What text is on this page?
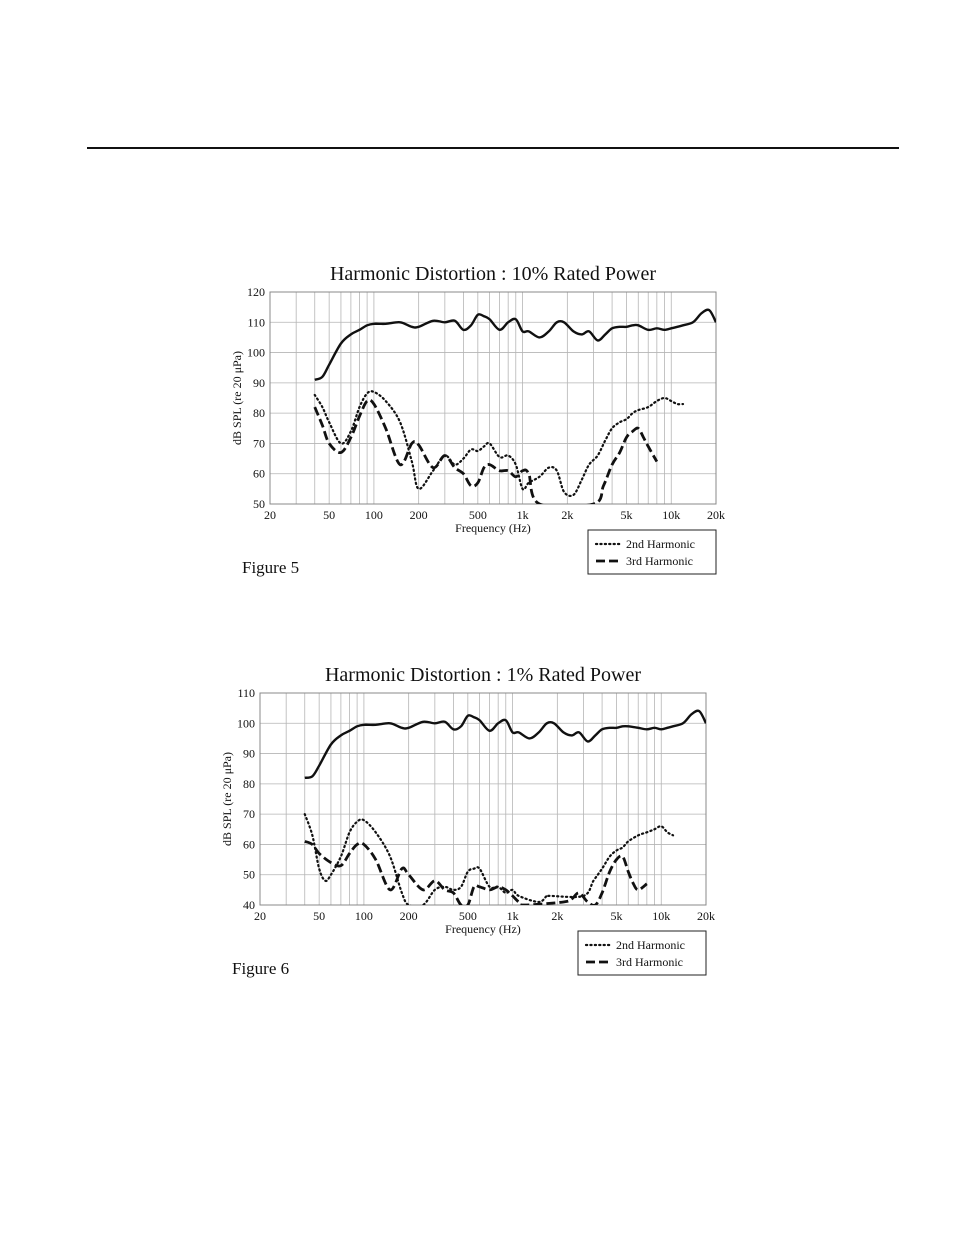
Harmonic Distortion : 10% Rated Power
50
60
70
80
90
100
110
120
20	50 100 200	500 1k	2k	5k 10k 20k
Frequency (Hz)
dB SPL (re 20 μPa)
2nd Harmonic
3rd Harmonic
Figure 5
Harmonic Distortion : 1% Rated Power
40
50
60
70
80
90
100
110
20	50 100 200	500 1k	2k	5k 10k 20k
Frequency (Hz)
dB SPL (re 20 μPa)
2nd Harmonic
3rd Harmonic
Figure 6
